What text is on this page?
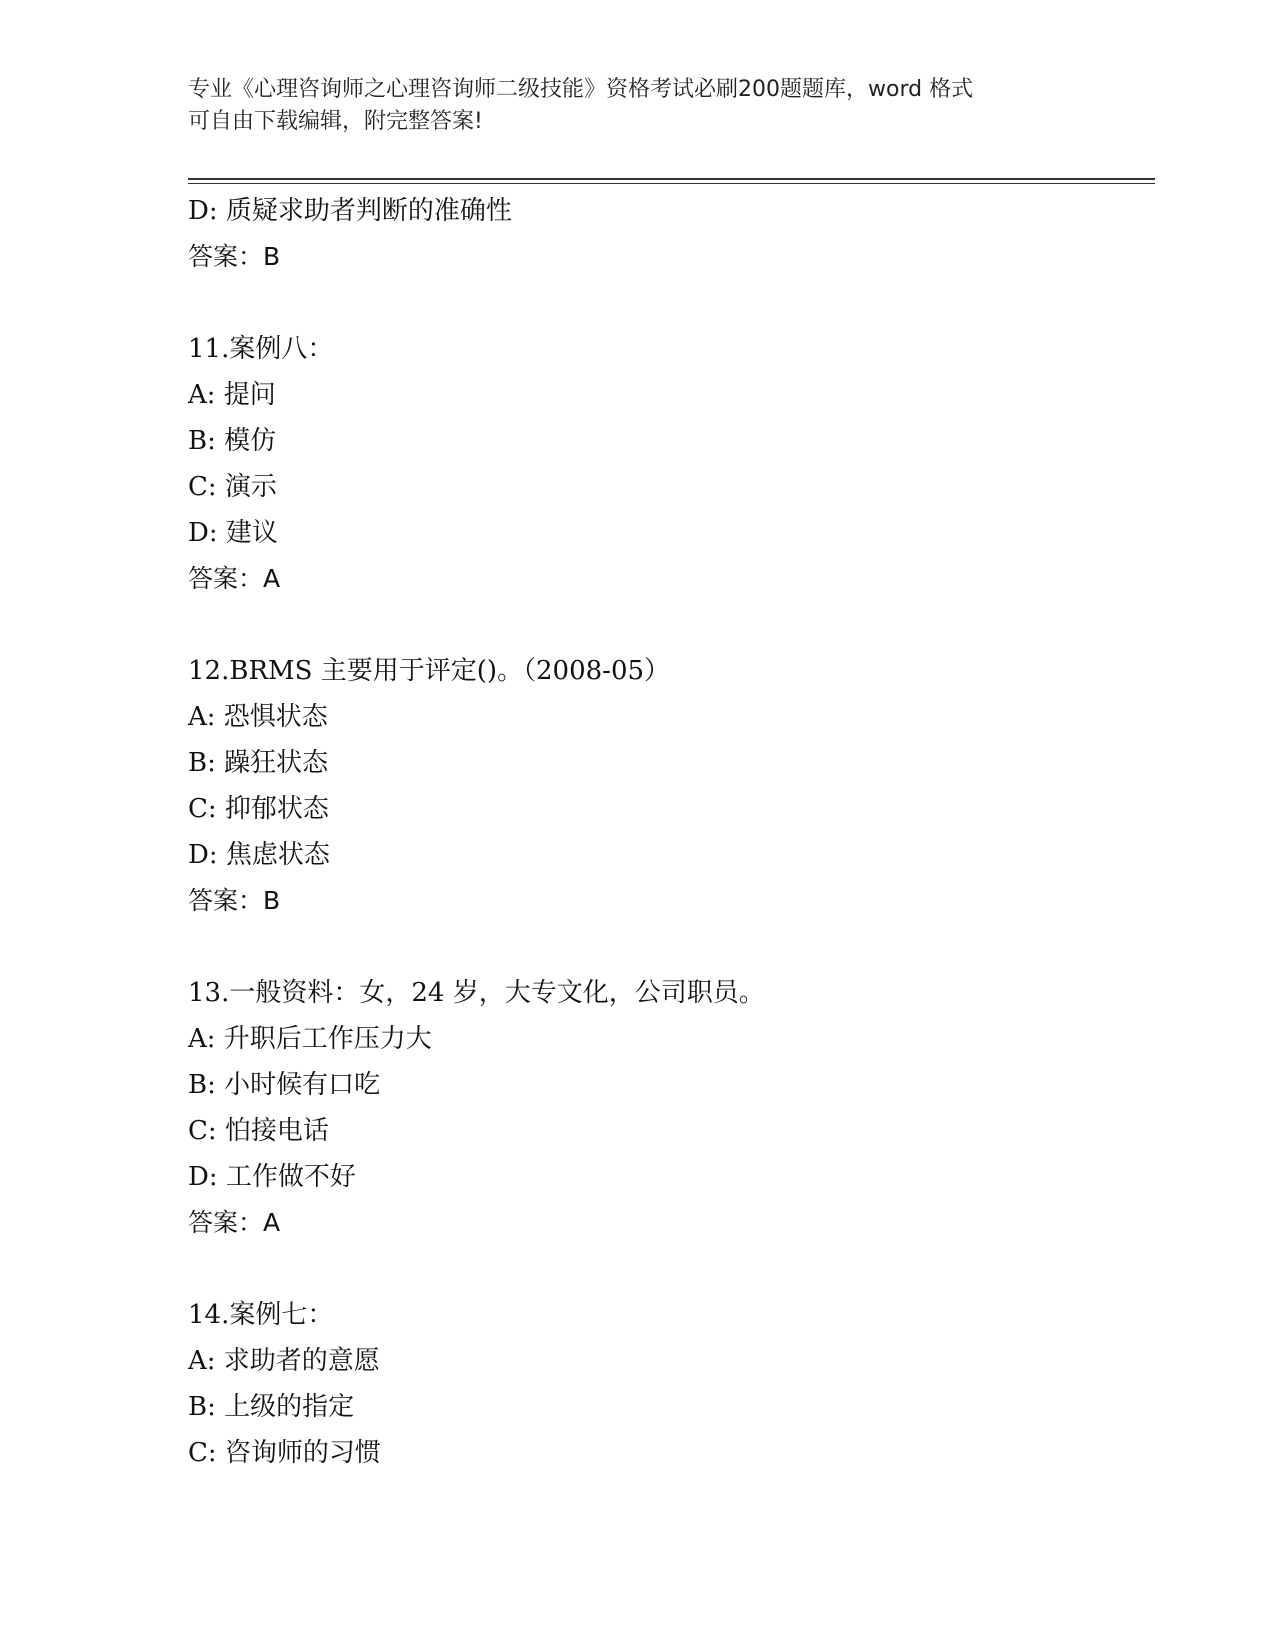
专业《心理咨询师之心理咨询师二级技能》资格考试必刷200题题库，word 格式
可自由下载编辑，附完整答案!
D: 质疑求助者判断的准确性
答案：B
11.案例八：
A: 提问
B: 模仿
C: 演示
D: 建议
答案：A
12.BRMS 主要用于评定()。（2008-05）
A: 恐惧状态
B: 躁狂状态
C: 抑郁状态
D: 焦虑状态
答案：B
13.一般资料：女，24 岁，大专文化，公司职员。
A: 升职后工作压力大
B: 小时候有口吃
C: 怕接电话
D: 工作做不好
答案：A
14.案例七：
A: 求助者的意愿
B: 上级的指定
C: 咨询师的习惯
